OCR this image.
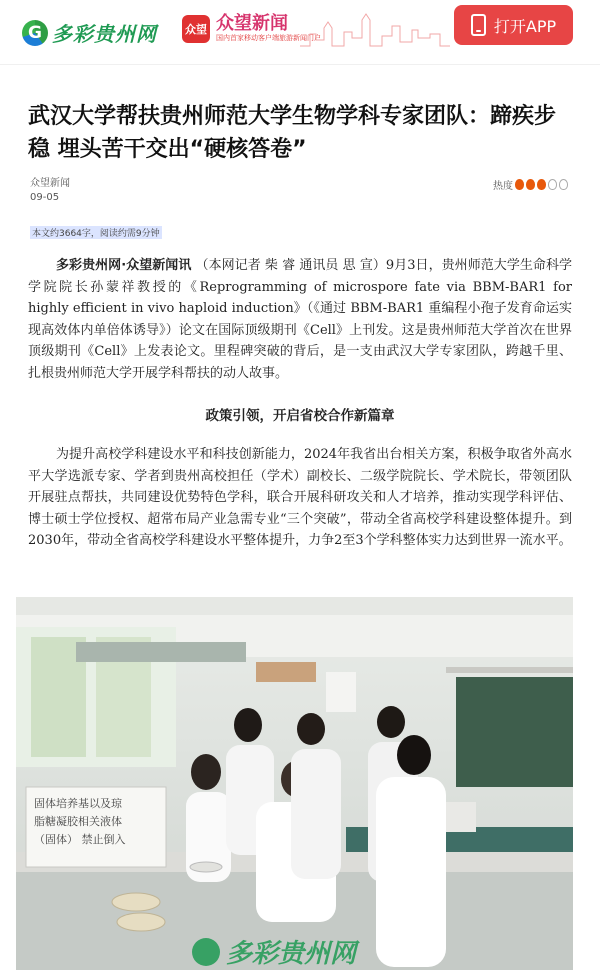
G 多彩贵州网	众望 众望新闻
国内首家移动客户端旅游新闻门户
打开APP
武汉大学帮扶贵州师范大学生物学科专家团队：蹄疾步稳 埋头苦干交出“硬核答卷”
众望新闻
09-05
热度
本文约3664字，阅读约需9分钟
多彩贵州网·众望新闻讯 （本网记者 柴 睿 通讯员 思 宣）9月3日，贵州师范大学生命科学学院院长孙蒙祥教授的《Reprogramming of microspore fate via BBM-BAR1 for highly efficient in vivo haploid induction》（《通过 BBM-BAR1 重编程小孢子发育命运实现高效体内单倍体诱导》）论文在国际顶级期刊《Cell》上刊发。这是贵州师范大学首次在世界顶级期刊《Cell》上发表论文。里程碑突破的背后，是一支由武汉大学专家团队，跨越千里、扎根贵州师范大学开展学科帮扶的动人故事。
政策引领，开启省校合作新篇章
为提升高校学科建设水平和科技创新能力，2024年我省出台相关方案，积极争取省外高水平大学选派专家、学者到贵州高校担任（学术）副校长、二级学院院长、学术院长，带领团队开展驻点帮扶，共同建设优势特色学科，联合开展科研攻关和人才培养，推动实现学科评估、博士硕士学位授权、超常布局产业急需专业“三个突破”，带动全省高校学科建设整体提升。到2030年，带动全省高校学科建设水平整体提升，力争2至3个学科整体实力达到世界一流水平。
固体培养基以及琼 脂糖凝胶相关液体 （固体） 禁止倒入
多彩贵州网
